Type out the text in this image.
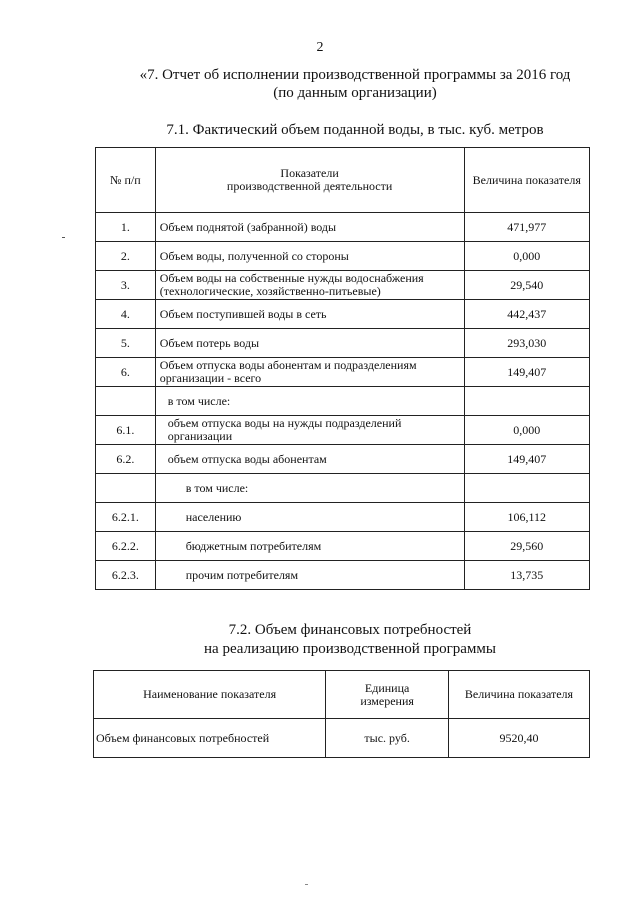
2
«7. Отчет об исполнении производственной программы за 2016 год
(по данным организации)
7.1. Фактический объем поданной воды, в тыс. куб. метров
№ п/п	Показатели
производственной деятельности	Величина показателя
1.	Объем поднятой (забранной) воды	471,977
2.	Объем воды, полученной со стороны	0,000
3.	Объем воды на собственные нужды водоснабжения
(технологические, хозяйственно-питьевые)	29,540
4.	Объем поступившей воды в сеть	442,437
5.	Объем потерь воды	293,030
6.	Объем отпуска воды абонентам и подразделениям
организации - всего	149,407
	в том числе:	
6.1.	объем отпуска воды на нужды подразделений
организации	0,000
6.2.	объем отпуска воды абонентам	149,407
	в том числе:	
6.2.1.	населению	106,112
6.2.2.	бюджетным потребителям	29,560
6.2.3.	прочим потребителям	13,735
7.2. Объем финансовых потребностей
на реализацию производственной программы
Наименование показателя	Единица
измерения	Величина показателя
Объем финансовых потребностей	тыс. руб.	9520,40
